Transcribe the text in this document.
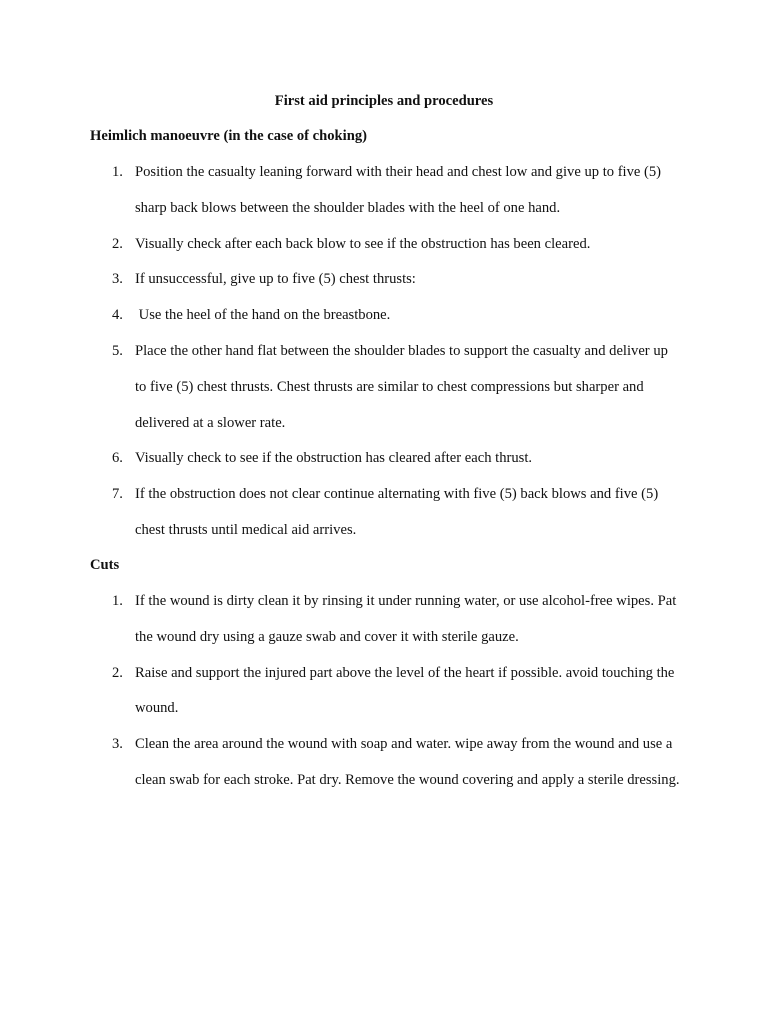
First aid principles and procedures
Heimlich manoeuvre (in the case of choking)
1. Position the casualty leaning forward with their head and chest low and give up to five (5) sharp back blows between the shoulder blades with the heel of one hand.
2. Visually check after each back blow to see if the obstruction has been cleared.
3. If unsuccessful, give up to five (5) chest thrusts:
4. Use the heel of the hand on the breastbone.
5. Place the other hand flat between the shoulder blades to support the casualty and deliver up to five (5) chest thrusts. Chest thrusts are similar to chest compressions but sharper and delivered at a slower rate.
6. Visually check to see if the obstruction has cleared after each thrust.
7. If the obstruction does not clear continue alternating with five (5) back blows and five (5) chest thrusts until medical aid arrives.
Cuts
1. If the wound is dirty clean it by rinsing it under running water, or use alcohol-free wipes. Pat the wound dry using a gauze swab and cover it with sterile gauze.
2. Raise and support the injured part above the level of the heart if possible. avoid touching the wound.
3. Clean the area around the wound with soap and water. wipe away from the wound and use a clean swab for each stroke. Pat dry. Remove the wound covering and apply a sterile dressing.
